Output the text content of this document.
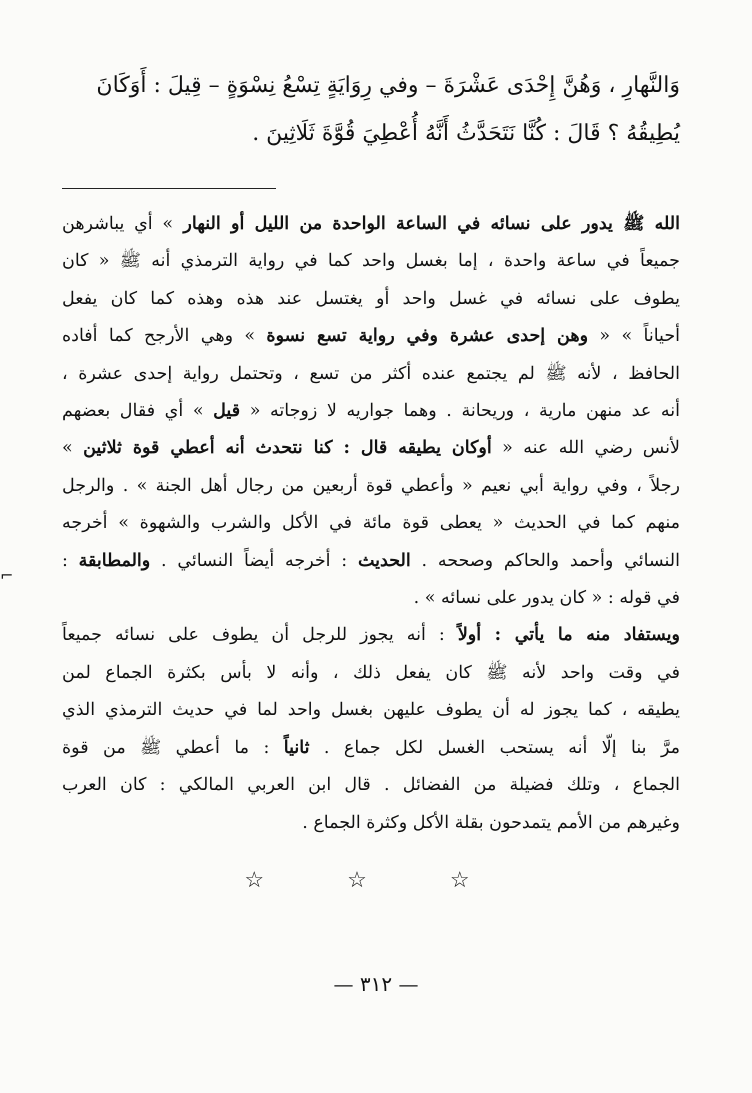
وَالنَّهارِ ، وَهُنَّ إِحْدَى عَشْرَةَ – وفي رِوَايَةٍ تِسْعُ نِسْوَةٍ – قِيلَ : أَوَكَانَ
يُطِيقُهُ ؟ قَالَ : كُنَّا نَتَحَدَّثُ أَنَّهُ أُعْطِيَ قُوَّةَ ثَلَاثِينَ .

الله ﷺ يدور على نسائه في الساعة الواحدة من الليل أو النهار » أي يباشرهن
جميعاً في ساعة واحدة ، إما بغسل واحد كما في رواية الترمذي أنه ﷺ « كان
يطوف على نسائه في غسل واحد أو يغتسل عند هذه وهذه كما كان يفعل
أحياناً » « وهن إحدى عشرة وفي رواية تسع نسوة » وهي الأرجح كما أفاده
الحافظ ، لأنه ﷺ لم يجتمع عنده أكثر من تسع ، وتحتمل رواية إحدى عشرة ،
أنه عد منهن مارية ، وريحانة . وهما جواريه لا زوجاته « قيل » أي فقال بعضهم
لأنس رضي الله عنه « أوكان يطيقه قال : كنا نتحدث أنه أعطي قوة ثلاثين »
رجلاً ، وفي رواية أبي نعيم « وأعطي قوة أربعين من رجال أهل الجنة » . والرجل
منهم كما في الحديث « يعطى قوة مائة في الأكل والشرب والشهوة » أخرجه
النسائي وأحمد والحاكم وصححه . الحديث : أخرجه أيضاً النسائي . والمطابقة :
في قوله : « كان يدور على نسائه » .

ويستفاد منه ما يأتي : أولاً : أنه يجوز للرجل أن يطوف على نسائه جميعاً
في وقت واحد لأنه ﷺ كان يفعل ذلك ، وأنه لا بأس بكثرة الجماع لمن
يطيقه ، كما يجوز له أن يطوف عليهن بغسل واحد لما في حديث الترمذي الذي
مرَّ بنا إلّا أنه يستحب الغسل لكل جماع . ثانياً : ما أعطي ﷺ من قوة
الجماع ، وتلك فضيلة من الفضائل . قال ابن العربي المالكي : كان العرب
وغيرهم من الأمم يتمدحون بقلة الأكل وكثرة الجماع .

⌐
☆ ☆ ☆
— ٣١٢ —
